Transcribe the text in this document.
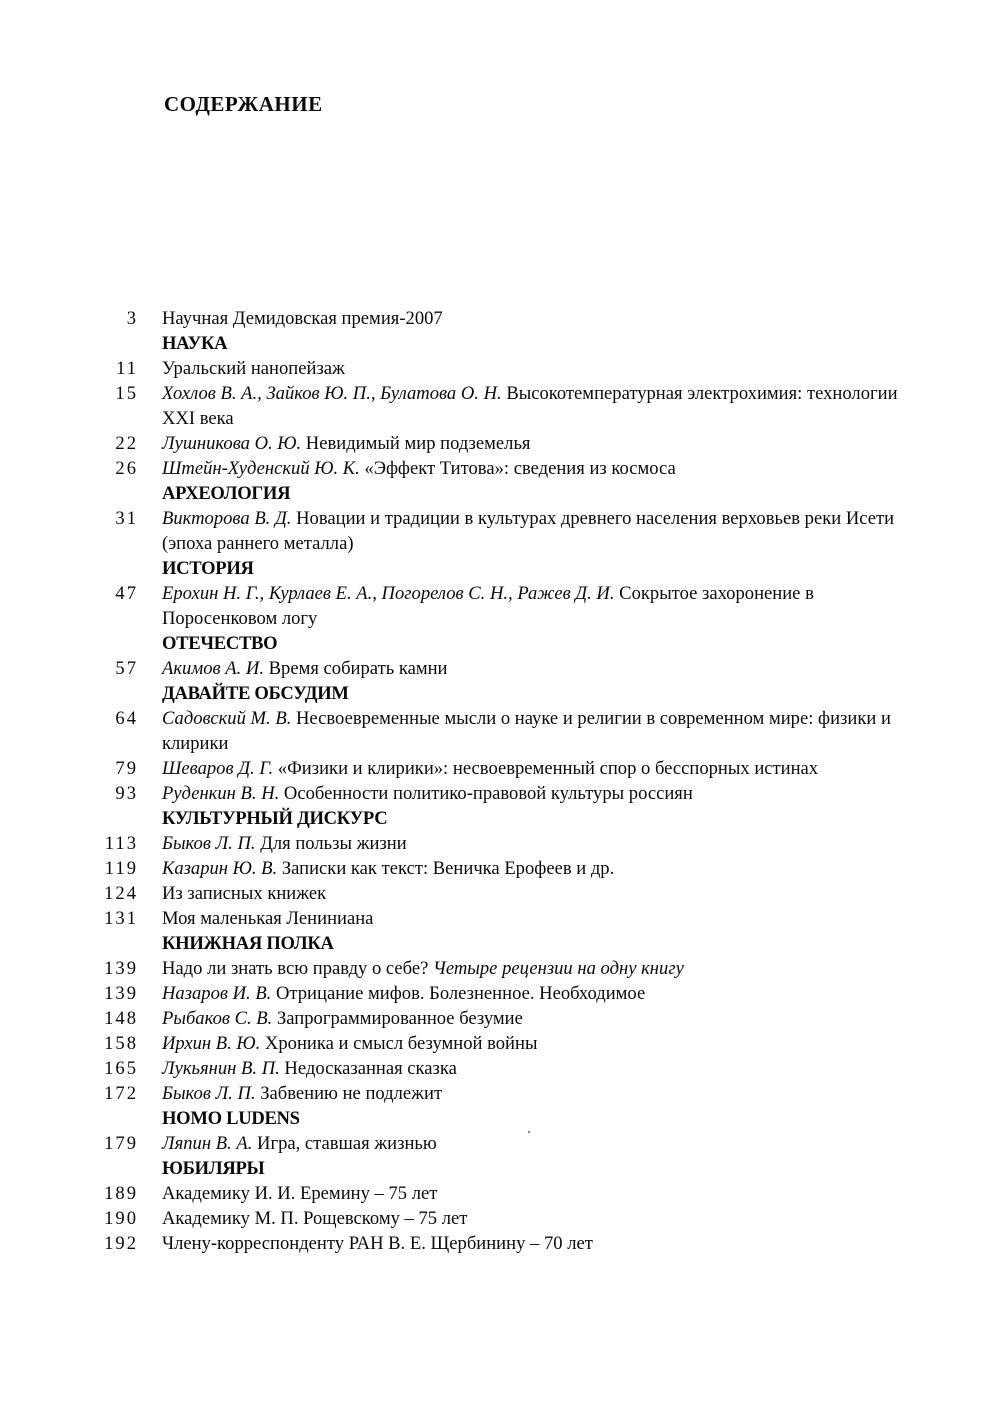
СОДЕРЖАНИЕ
3 Научная Демидовская премия-2007
НАУКА
11 Уральский нанопейзаж
15 Хохлов В. А., Зайков Ю. П., Булатова О. Н. Высокотемпературная электрохимия: технологии XXI века
22 Лушникова О. Ю. Невидимый мир подземелья
26 Штейн-Худенский Ю. К. «Эффект Титова»: сведения из космоса
АРХЕОЛОГИЯ
31 Викторова В. Д. Новации и традиции в культурах древнего населения верховьев реки Исети (эпоха раннего металла)
ИСТОРИЯ
47 Ерохин Н. Г., Курлаев Е. А., Погорелов С. Н., Ражев Д. И. Сокрытое захоронение в Поросенковом логу
ОТЕЧЕСТВО
57 Акимов А. И. Время собирать камни
ДАВАЙТЕ ОБСУДИМ
64 Садовский М. В. Несвоевременные мысли о науке и религии в современном мире: физики и клирики
79 Шеваров Д. Г. «Физики и клирики»: несвоевременный спор о бесспорных истинах
93 Руденкин В. Н. Особенности политико-правовой культуры россиян
КУЛЬТУРНЫЙ ДИСКУРС
113 Быков Л. П. Для пользы жизни
119 Казарин Ю. В. Записки как текст: Веничка Ерофеев и др.
124 Из записных книжек
131 Моя маленькая Лениниана
КНИЖНАЯ ПОЛКА
139 Надо ли знать всю правду о себе? Четыре рецензии на одну книгу
139 Назаров И. В. Отрицание мифов. Болезненное. Необходимое
148 Рыбаков С. В. Запрограммированное безумие
158 Ирхин В. Ю. Хроника и смысл безумной войны
165 Лукьянин В. П. Недосказанная сказка
172 Быков Л. П. Забвению не подлежит
HOMO LUDENS
179 Ляпин В. А. Игра, ставшая жизнью
ЮБИЛЯРЫ
189 Академику И. И. Еремину – 75 лет
190 Академику М. П. Рощевскому – 75 лет
192 Члену-корреспонденту РАН В. Е. Щербинину – 70 лет
